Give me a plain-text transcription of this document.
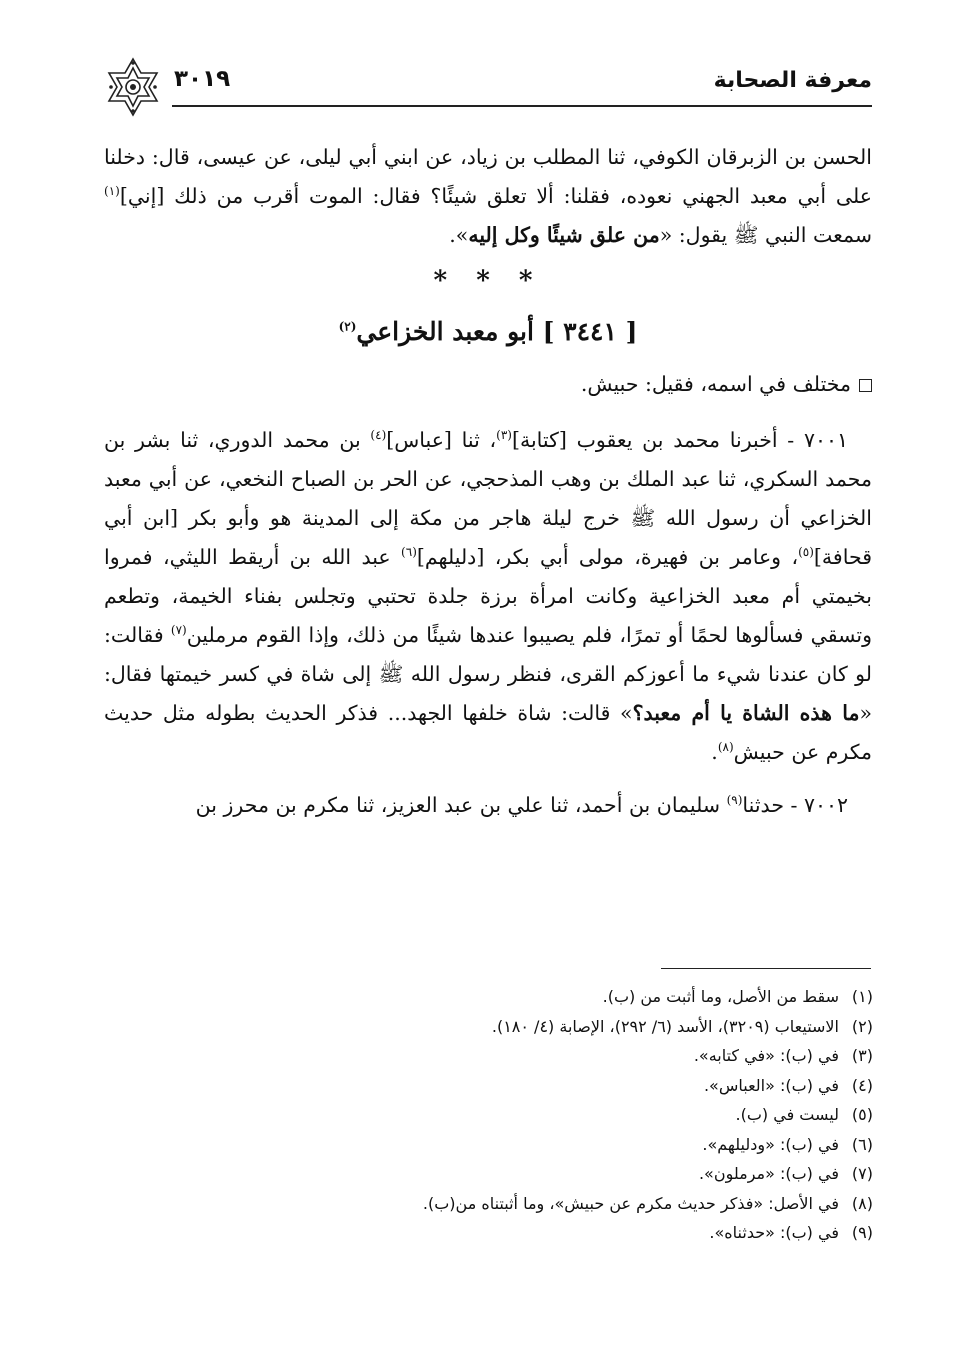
معرفة الصحابة
٣٠١٩

الحسن بن الزبرقان الكوفي، ثنا المطلب بن زياد، عن ابني أبي ليلى، عن عيسى، قال: دخلنا على أبي معبد الجهني نعوده، فقلنا: ألا تعلق شيئًا؟ فقال: الموت أقرب من ذلك [إني]$^{(١)}$ سمعت النبي ﷺ يقول: «من علق شيئًا وكل إليه».

* * *
[ ٣٤٤١ ] أبو معبد الخزاعي$^{(٢)}$
مختلف في اسمه، فقيل: حبيش.

٧٠٠١ - أخبرنا محمد بن يعقوب [كتابة]$^{(٣)}$، ثنا [عباس]$^{(٤)}$ بن محمد الدوري، ثنا بشر بن محمد السكري، ثنا عبد الملك بن وهب المذحجي، عن الحر بن الصباح النخعي، عن أبي معبد الخزاعي أن رسول الله ﷺ خرج ليلة هاجر من مكة إلى المدينة هو وأبو بكر [ابن أبي قحافة]$^{(٥)}$، وعامر بن فهيرة، مولى أبي بكر، [دليلهم]$^{(٦)}$ عبد الله بن أريقط الليثي، فمروا بخيمتي أم معبد الخزاعية وكانت امرأة برزة جلدة تحتبي وتجلس بفناء الخيمة، وتطعم وتسقي فسألوها لحمًا أو تمرًا، فلم يصيبوا عندها شيئًا من ذلك، وإذا القوم مرملين$^{(٧)}$ فقالت: لو كان عندنا شيء ما أعوزكم القرى، فنظر رسول الله ﷺ إلى شاة في كسر خيمتها فقال: «ما هذه الشاة يا أم معبد؟» قالت: شاة خلفها الجهد... فذكر الحديث بطوله مثل حديث مكرم عن حبيش$^{(٨)}$.

٧٠٠٢ - حدثنا$^{(٩)}$ سليمان بن أحمد، ثنا علي بن عبد العزيز، ثنا مكرم بن محرز بن

(١)سقط من الأصل، وما أثبت من (ب).

(٢)الاستيعاب (٣٢٠٩)، الأسد (٦/ ٢٩٢)، الإصابة (٤/ ١٨٠).

(٣)في (ب): «في كتابه».

(٤)في (ب): «العباس».

(٥)ليست في (ب).

(٦)في (ب): «ودليلهم».

(٧)في (ب): «مرملون».

(٨)في الأصل: «فذكر حديث مكرم عن حبيش»، وما أثبتناه من(ب).

(٩)في (ب): «حدثناه».
